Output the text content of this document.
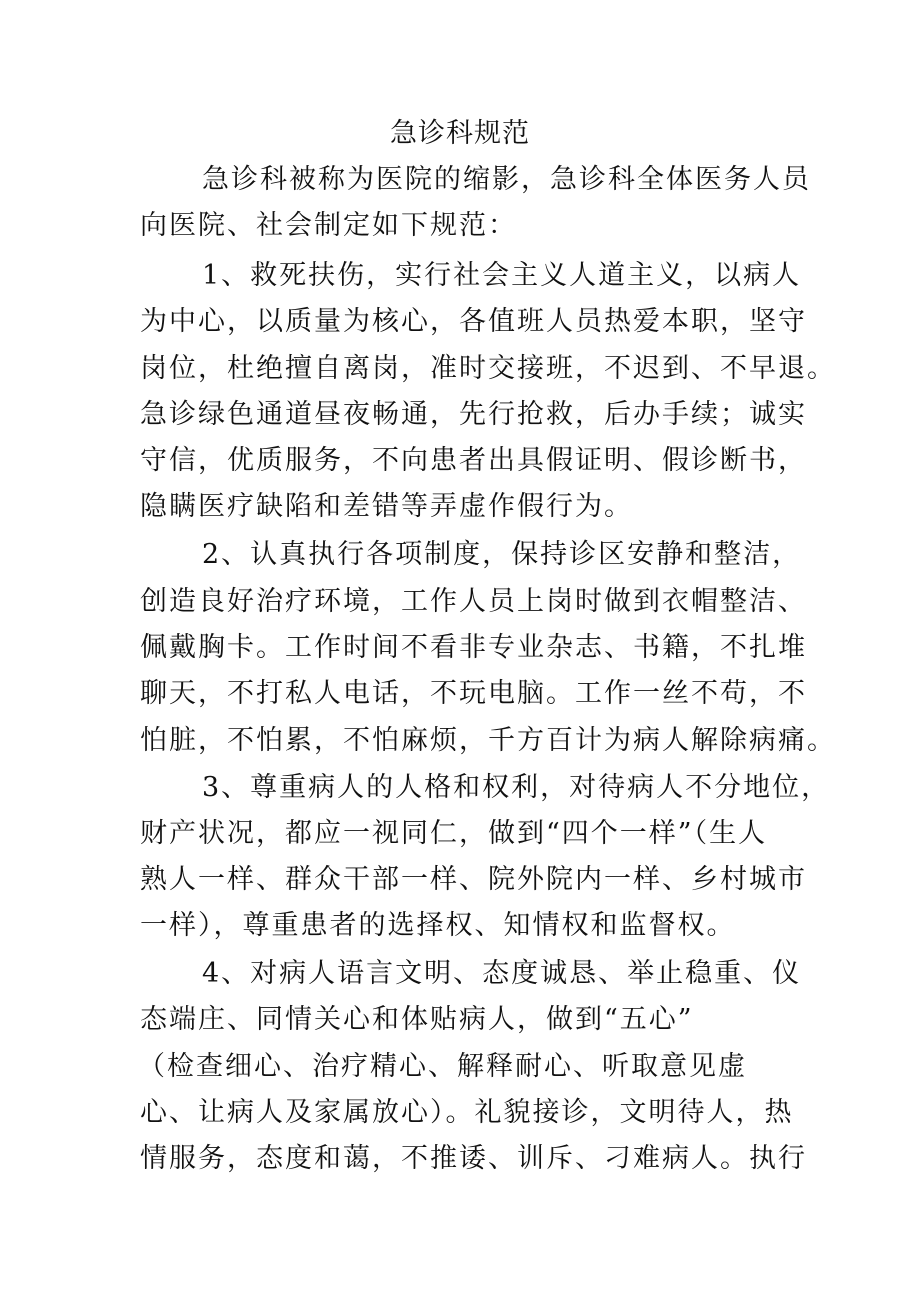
急诊科规范
急诊科被称为医院的缩影，急诊科全体医务人员
向医院、社会制定如下规范：
1、救死扶伤，实行社会主义人道主义，以病人
为中心，以质量为核心，各值班人员热爱本职，坚守
岗位，杜绝擅自离岗，准时交接班，不迟到、不早退。
急诊绿色通道昼夜畅通，先行抢救，后办手续；诚实
守信，优质服务，不向患者出具假证明、假诊断书，
隐瞒医疗缺陷和差错等弄虚作假行为。
2、认真执行各项制度，保持诊区安静和整洁，
创造良好治疗环境，工作人员上岗时做到衣帽整洁、
佩戴胸卡。工作时间不看非专业杂志、书籍，不扎堆
聊天，不打私人电话，不玩电脑。工作一丝不苟，不
怕脏，不怕累，不怕麻烦，千方百计为病人解除病痛。
3、尊重病人的人格和权利，对待病人不分地位，
财产状况，都应一视同仁，做到“四个一样”（生人
熟人一样、群众干部一样、院外院内一样、乡村城市
一样），尊重患者的选择权、知情权和监督权。
4、对病人语言文明、态度诚恳、举止稳重、仪
态端庄、同情关心和体贴病人，做到“五心”
（检查细心、治疗精心、解释耐心、听取意见虚
心、让病人及家属放心）。礼貌接诊，文明待人，热
情服务，态度和蔼，不推诿、训斥、刁难病人。执行
